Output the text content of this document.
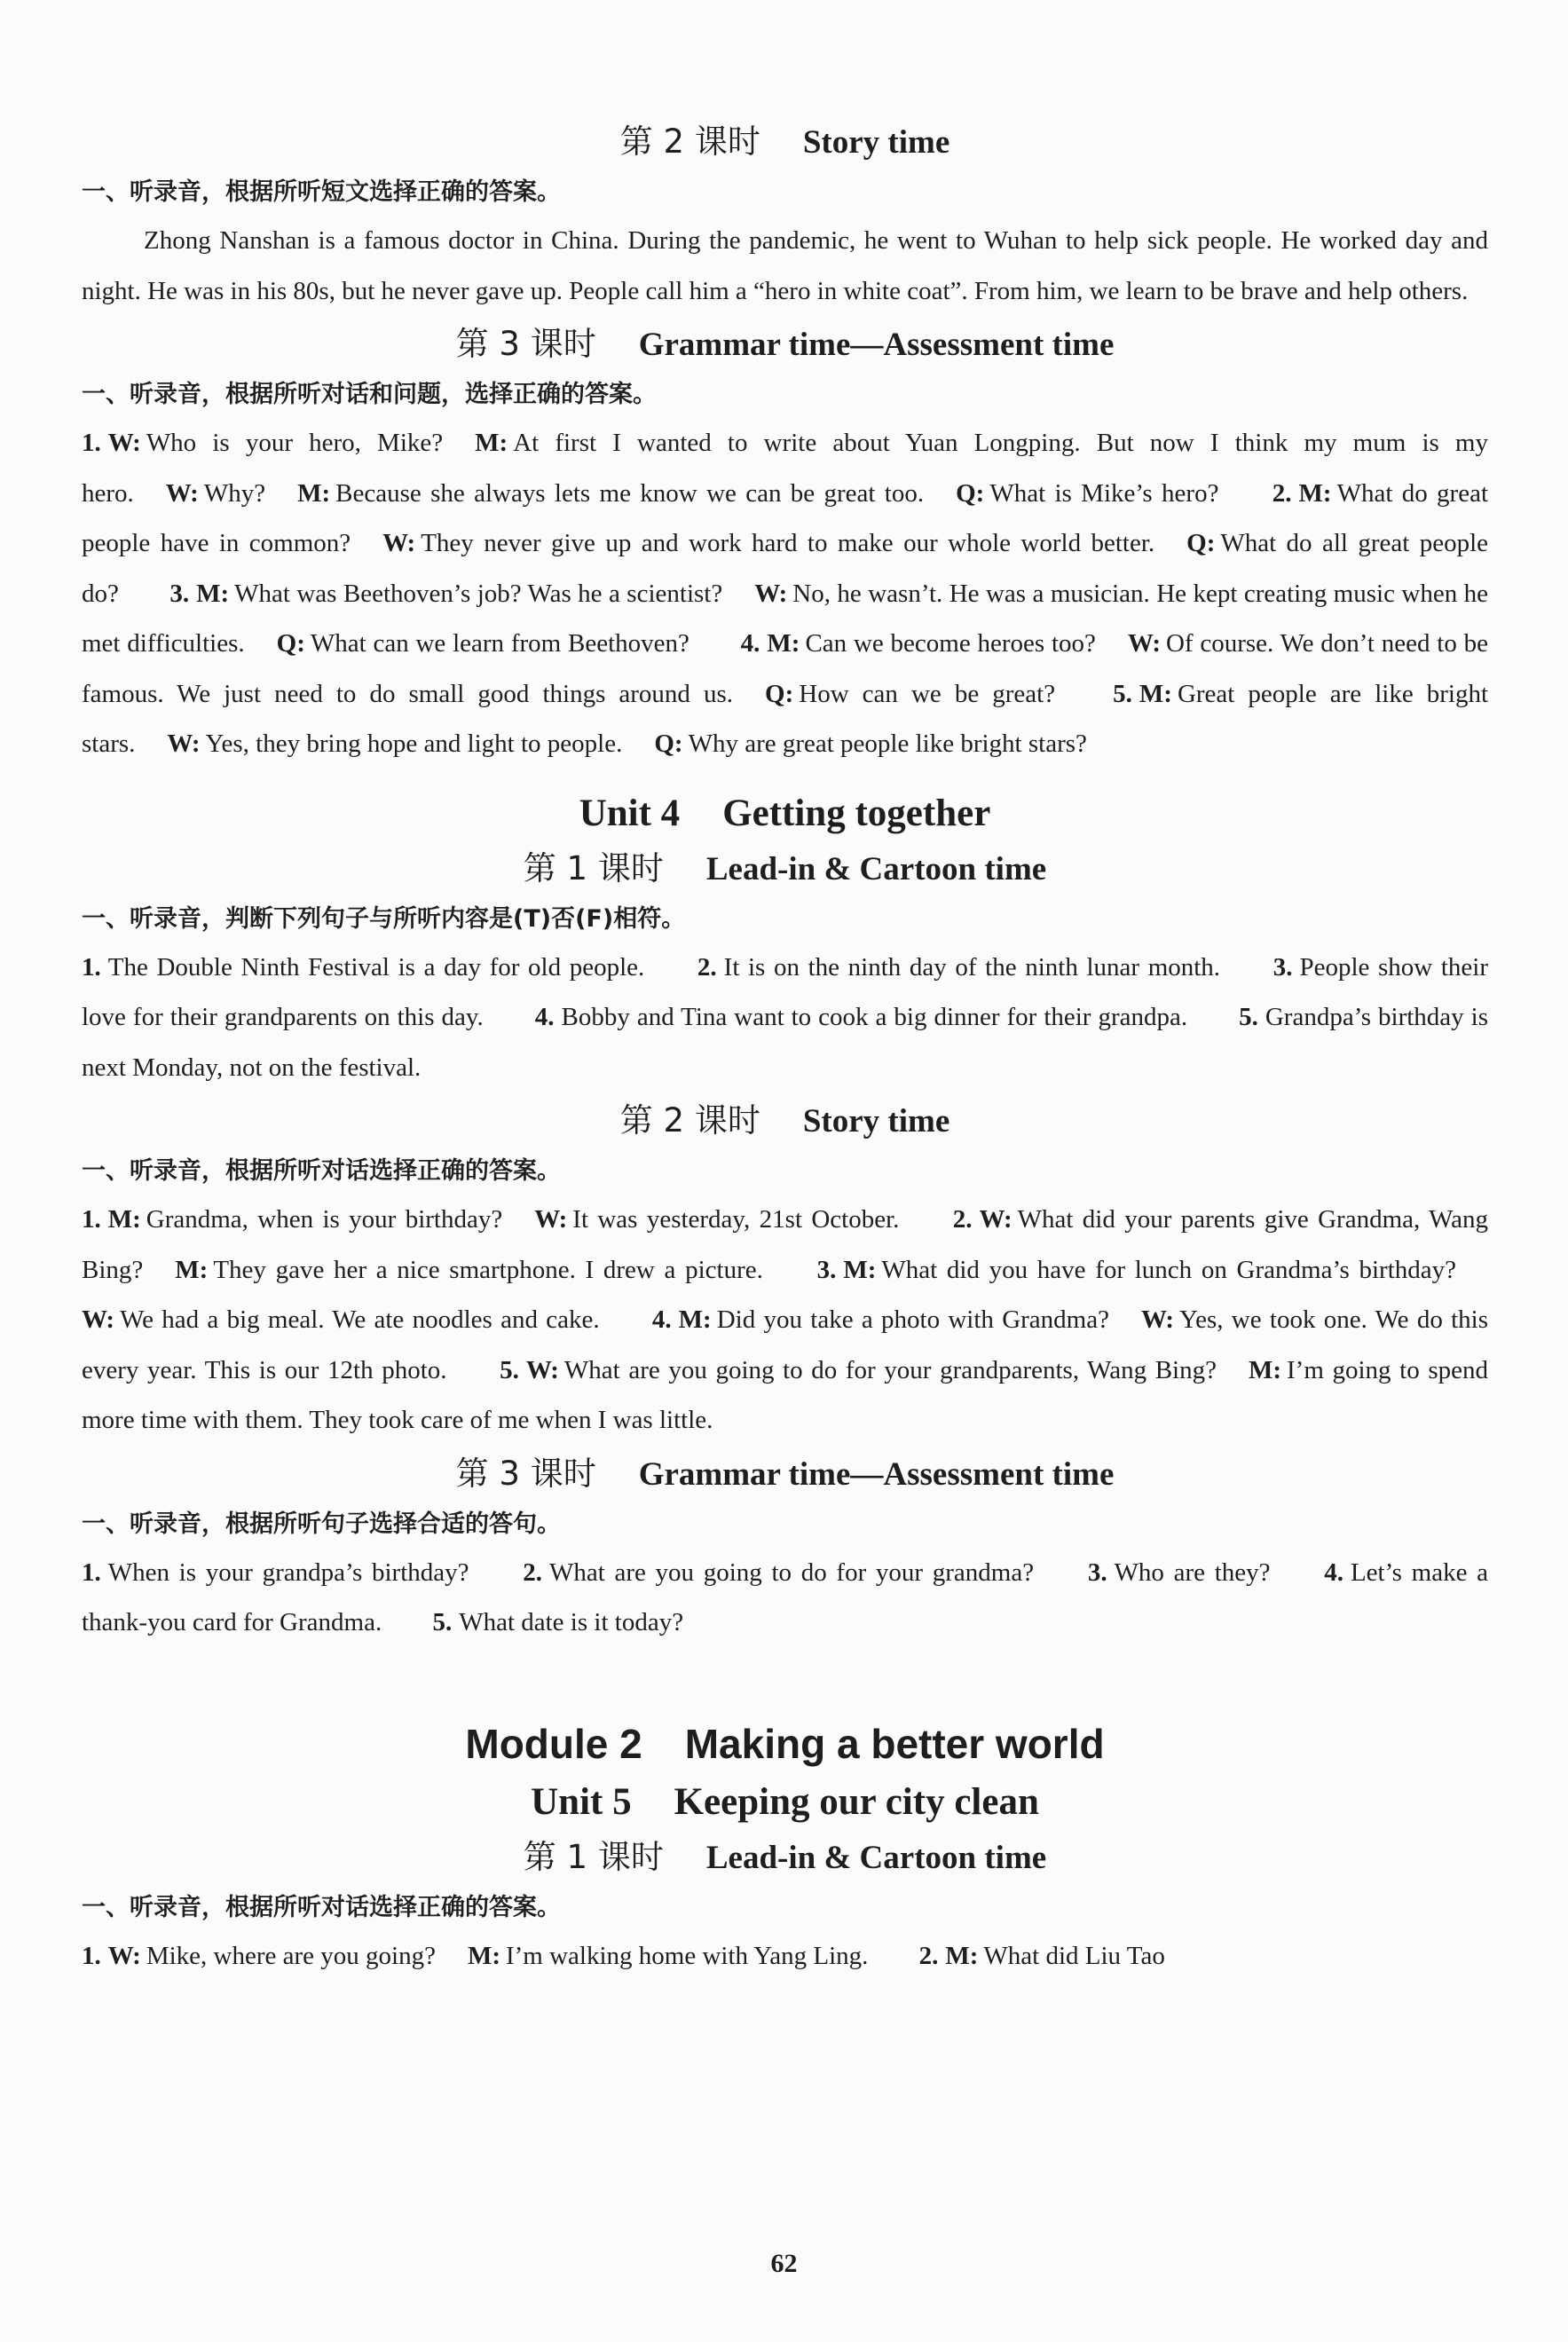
第 2 课时 Story time
一、听录音，根据所听短文选择正确的答案。

Zhong Nanshan is a famous doctor in China. During the pandemic, he went to Wuhan to help sick people. He worked day and night. He was in his 80s, but he never gave up. People call him a “hero in white coat”. From him, we learn to be brave and help others.

第 3 课时 Grammar time—Assessment time
一、听录音，根据所听对话和问题，选择正确的答案。

1. W: Who is your hero, Mike? M: At first I wanted to write about Yuan Longping. But now I think my mum is my hero. W: Why? M: Because she always lets me know we can be great too. Q: What is Mike’s hero? 2. M: What do great people have in common? W: They never give up and work hard to make our whole world better. Q: What do all great people do? 3. M: What was Beethoven’s job? Was he a scientist? W: No, he wasn’t. He was a musician. He kept creating music when he met difficulties. Q: What can we learn from Beethoven? 4. M: Can we become heroes too? W: Of course. We don’t need to be famous. We just need to do small good things around us. Q: How can we be great? 5. M: Great people are like bright stars. W: Yes, they bring hope and light to people. Q: Why are great people like bright stars?

Unit 4 Getting together
第 1 课时 Lead-in & Cartoon time
一、听录音，判断下列句子与所听内容是(T)否(F)相符。

1. The Double Ninth Festival is a day for old people. 2. It is on the ninth day of the ninth lunar month. 3. People show their love for their grandparents on this day. 4. Bobby and Tina want to cook a big dinner for their grandpa. 5. Grandpa’s birthday is next Monday, not on the festival.

第 2 课时 Story time
一、听录音，根据所听对话选择正确的答案。

1. M: Grandma, when is your birthday? W: It was yesterday, 21st October. 2. W: What did your parents give Grandma, Wang Bing? M: They gave her a nice smartphone. I drew a picture. 3. M: What did you have for lunch on Grandma’s birthday?W: We had a big meal. We ate noodles and cake. 4. M: Did you take a photo with Grandma? W: Yes, we took one. We do this every year. This is our 12th photo. 5. W: What are you going to do for your grandparents, Wang Bing? M: I’m going to spend more time with them. They took care of me when I was little.

第 3 课时 Grammar time—Assessment time
一、听录音，根据所听句子选择合适的答句。

1. When is your grandpa’s birthday? 2. What are you going to do for your grandma? 3. Who are they? 4. Let’s make a thank-you card for Grandma. 5. What date is it today?

Module 2 Making a better world
Unit 5 Keeping our city clean
第 1 课时 Lead-in & Cartoon time
一、听录音，根据所听对话选择正确的答案。

1. W: Mike, where are you going? M: I’m walking home with Yang Ling. 2. M: What did Liu Tao

62
